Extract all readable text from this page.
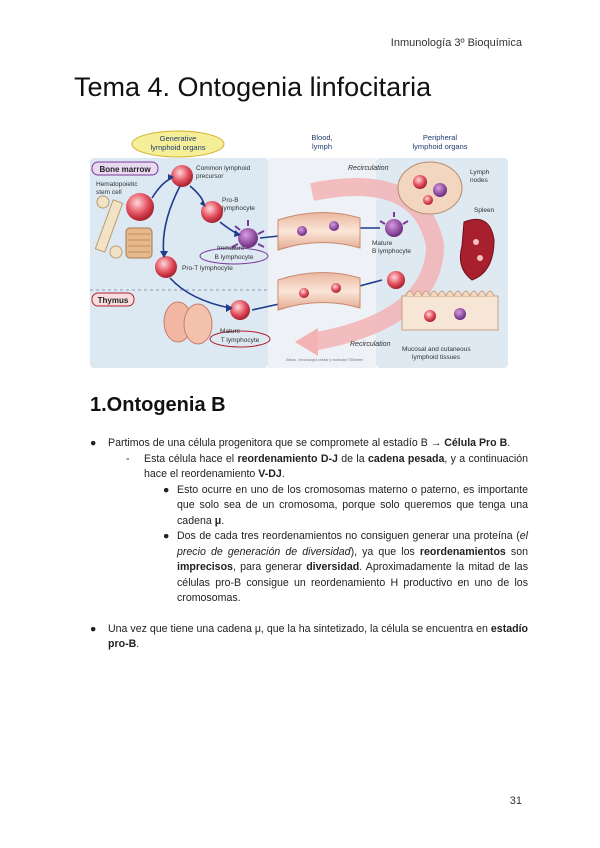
Inmunología 3º Bioquímica
Tema 4. Ontogenia linfocitaria
Generative
lymphoid organs
Blood,
lymph
Peripheral
lymphoid organs
Recirculation
Recirculation
Bone marrow
Hematopoietic
stem cell
Common lymphoid
precursor
Pro-B
lymphocyte
Pro-T lymphocyte
Immature
B lymphocyte
Thymus
Mature
T lymphocyte
Mature
B lymphocyte
Lymph
nodes
Spleen
Mucosal and cutaneous
lymphoid tissues
Abbas. Inmunología celular y molecular ©Elsevier
1.Ontogenia B
● Partimos de una célula progenitora que se compromete al estadío B → Célula Pro B.

- Esta célula hace el reordenamiento D-J de la cadena pesada, y a continuación hace el reordenamiento V-DJ.

● Esto ocurre en uno de los cromosomas materno o paterno, es importante que solo sea de un cromosoma, porque solo queremos que tenga una cadena μ.

● Dos de cada tres reordenamientos no consiguen generar una proteína (el precio de generación de diversidad), ya que los reordenamientos son imprecisos, para generar diversidad. Aproximadamente la mitad de las células pro-B consigue un reordenamiento H productivo en uno de los cromosomas.

● Una vez que tiene una cadena μ, que la ha sintetizado, la célula se encuentra en estadío pro-B.

31
